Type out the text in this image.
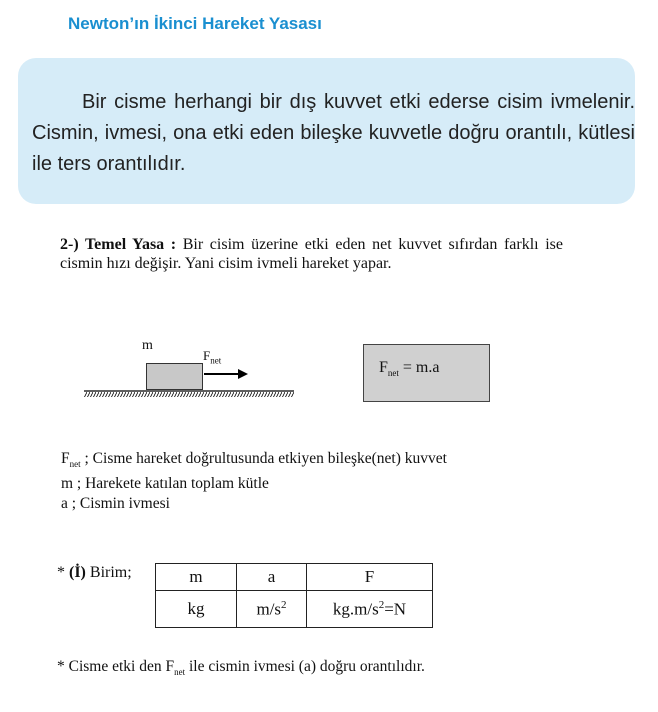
Newton’ın İkinci Hareket Yasası
Bir cisme herhangi bir dış kuvvet etki ederse cisim ivmelenir. Cismin, ivmesi, ona etki eden bileşke kuvvetle doğru orantılı, kütlesi ile ters orantılıdır.
2-) Temel Yasa : Bir cisim üzerine etki eden net kuvvet sıfırdan farklı ise cismin hızı değişir. Yani cisim ivmeli hareket yapar.
m
$F_{net}$	$F_{net} = m.a$
$F_{net}$ ; Cisme hareket doğrultusunda etkiyen bileşke(net) kuvvet
m ; Harekete katılan toplam kütle
a ; Cismin ivmesi
* (İ) Birim;	m	a	F
kg	$m/s^2$	$kg.m/s^2=N$
* Cisme etki den $F_{net}$ ile cismin ivmesi (a) doğru orantılıdır.
